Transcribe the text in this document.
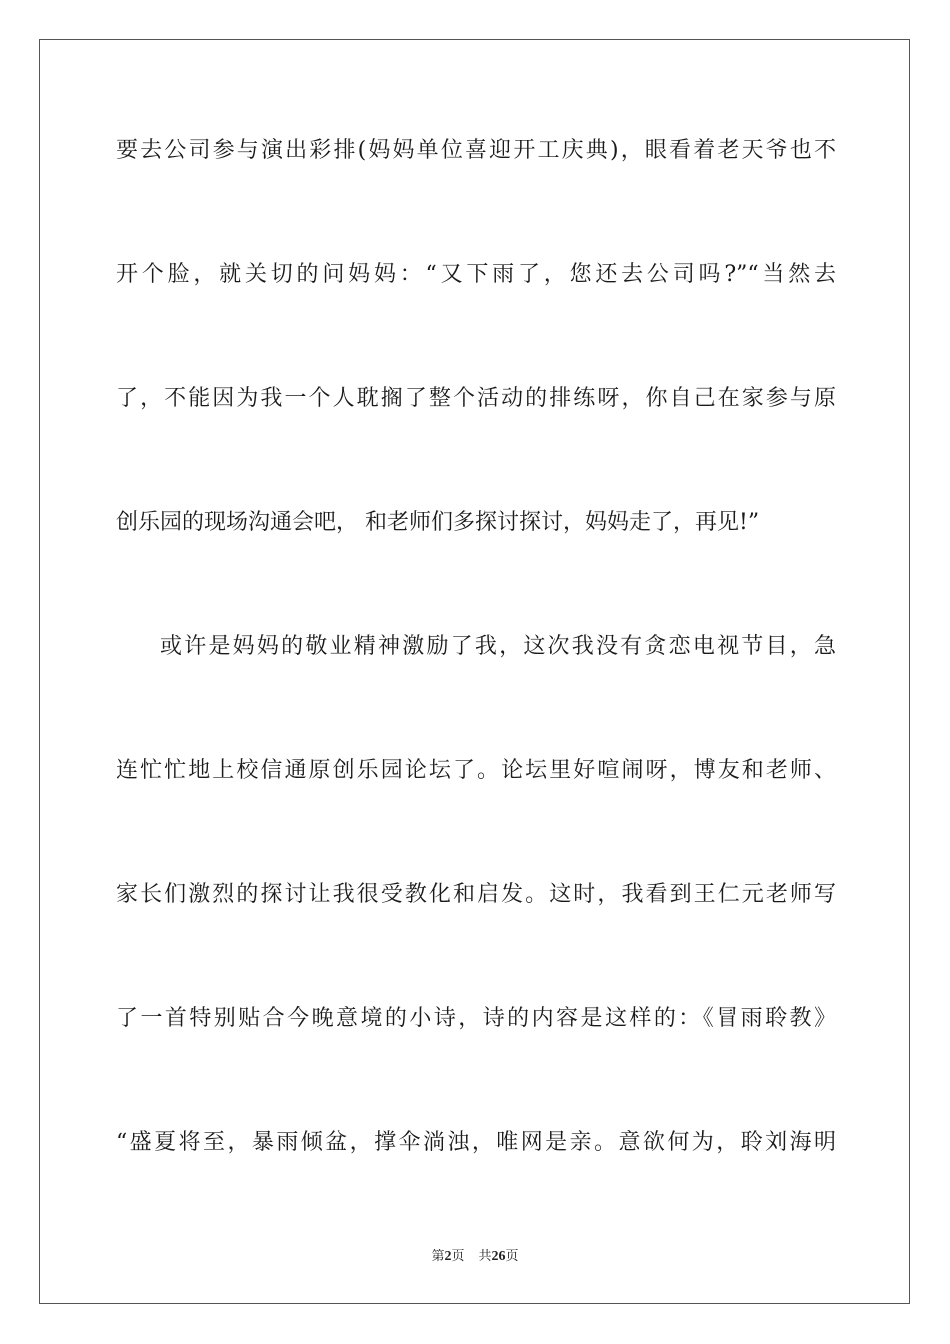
要去公司参与演出彩排(妈妈单位喜迎开工庆典)，眼看着老天爷也不

开个脸，就关切的问妈妈：“又下雨了，您还去公司吗?”“当然去

了，不能因为我一个人耽搁了整个活动的排练呀，你自己在家参与原

创乐园的现场沟通会吧， 和老师们多探讨探讨，妈妈走了，再见!”

或许是妈妈的敬业精神激励了我，这次我没有贪恋电视节目，急

连忙忙地上校信通原创乐园论坛了。论坛里好喧闹呀，博友和老师、

家长们激烈的探讨让我很受教化和启发。这时，我看到王仁元老师写

了一首特别贴合今晚意境的小诗，诗的内容是这样的：《冒雨聆教》

“盛夏将至，暴雨倾盆，撑伞淌浊，唯网是亲。意欲何为，聆刘海明

第2页 共26页
